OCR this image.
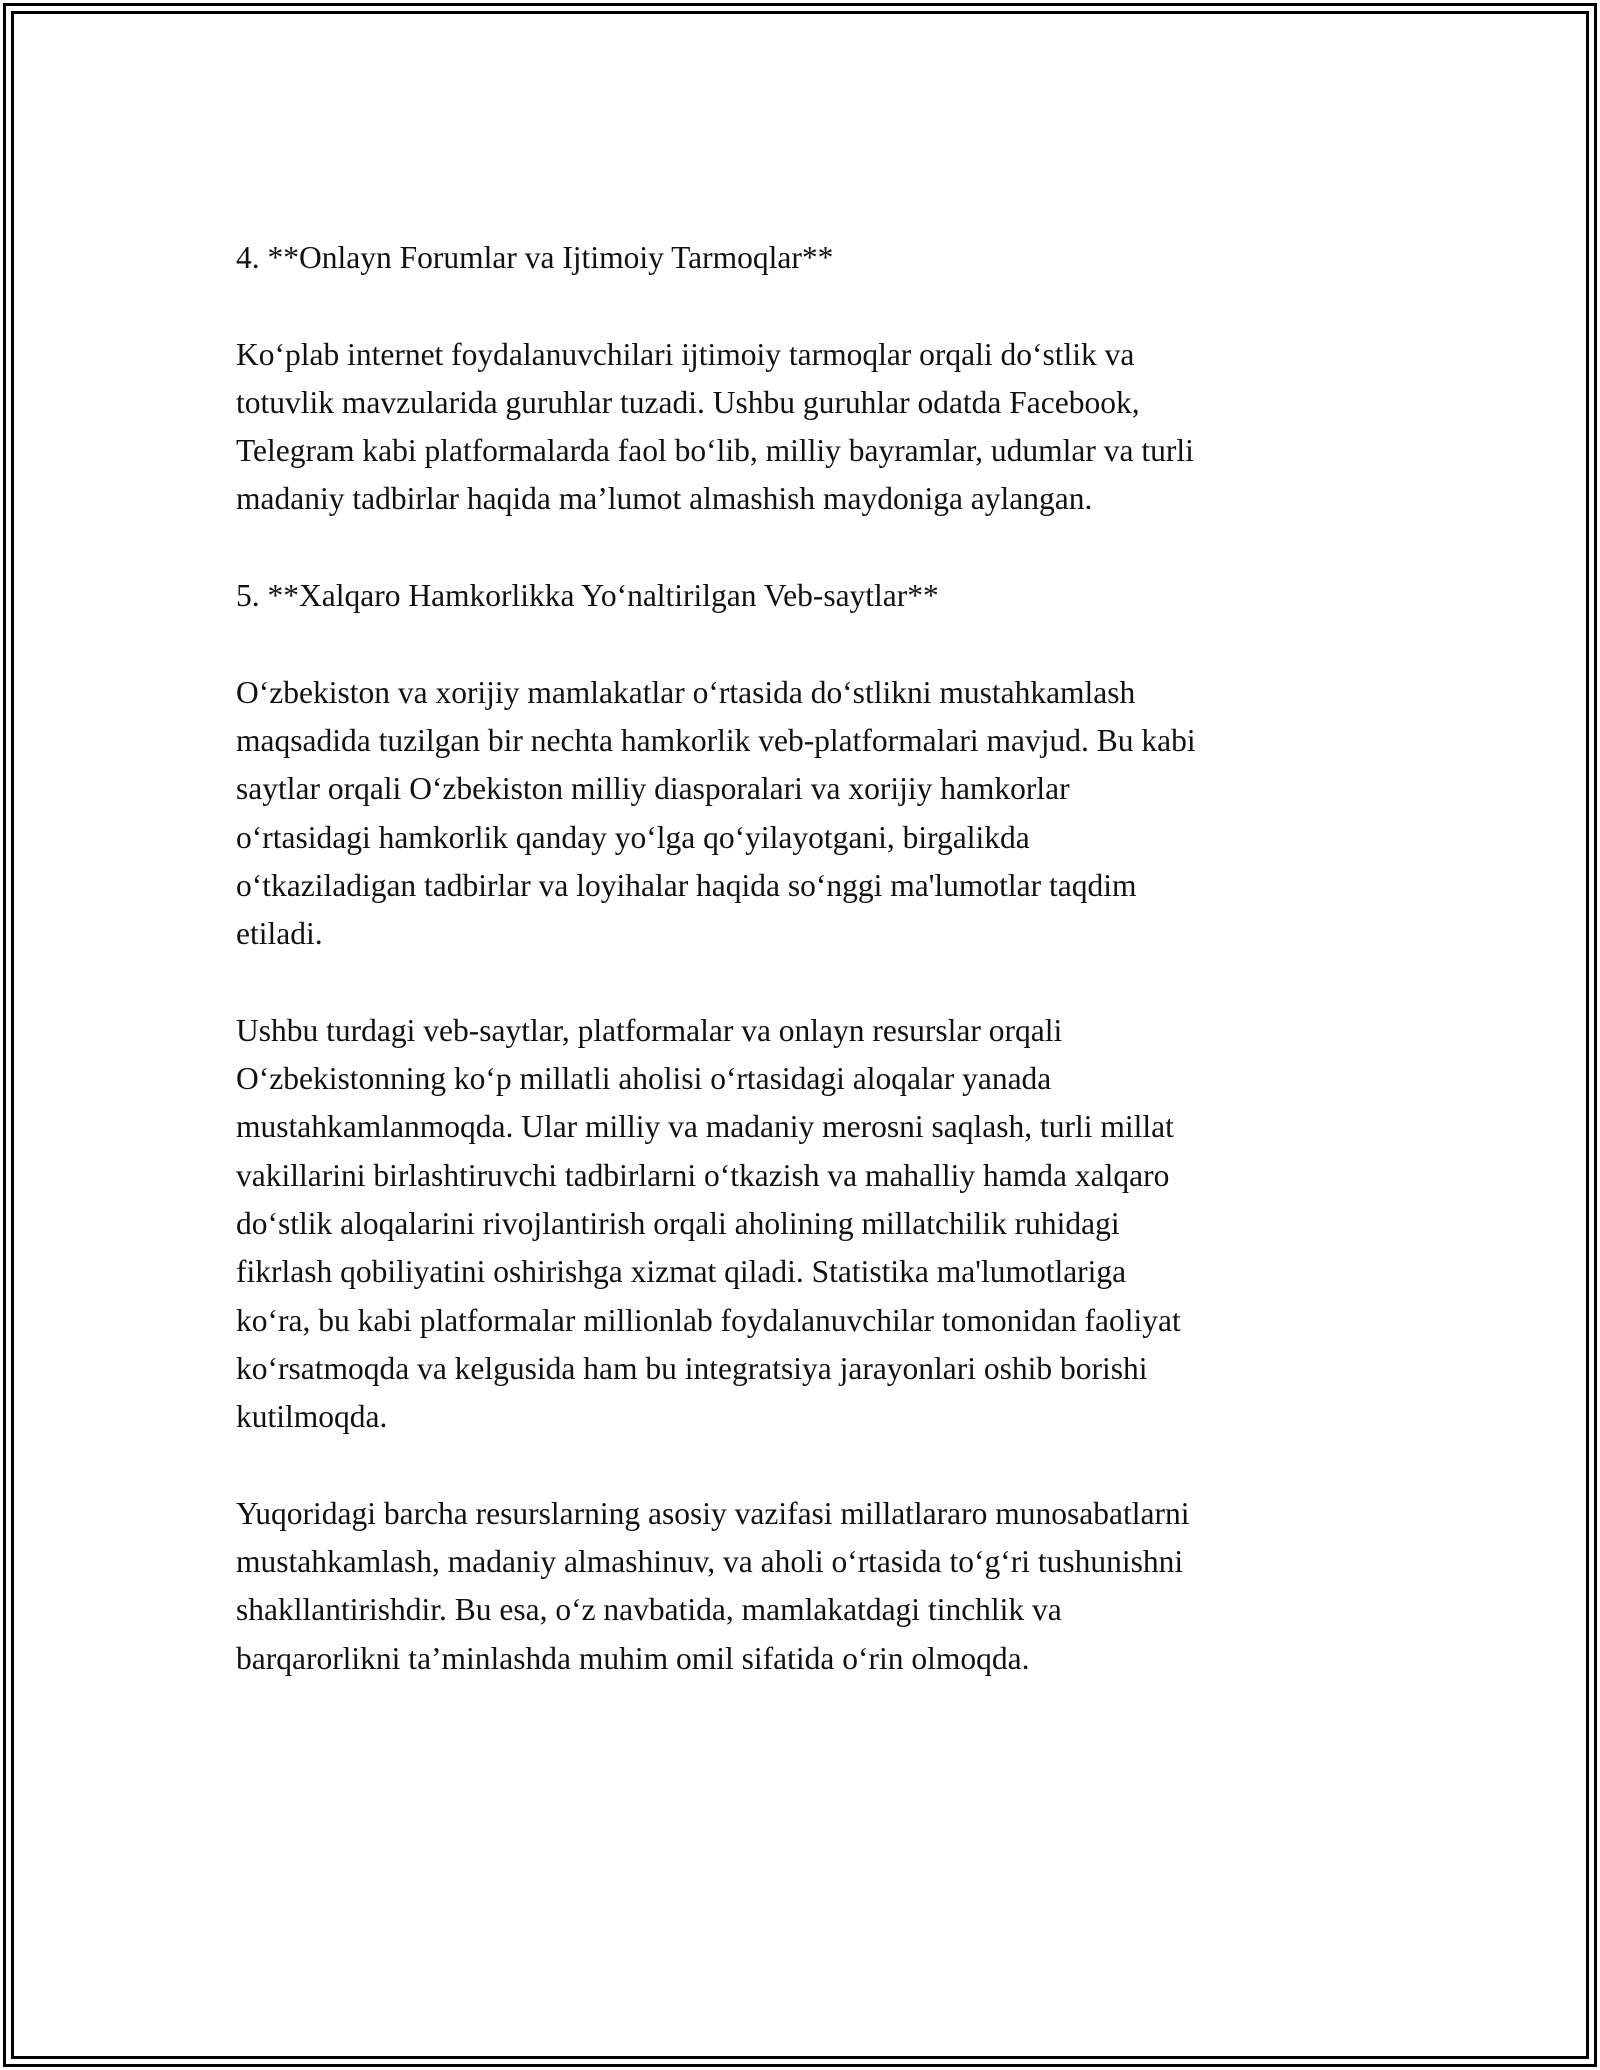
4. **Onlayn Forumlar va Ijtimoiy Tarmoqlar**

Ko‘plab internet foydalanuvchilari ijtimoiy tarmoqlar orqali do‘stlik va
totuvlik mavzularida guruhlar tuzadi. Ushbu guruhlar odatda Facebook,
Telegram kabi platformalarda faol bo‘lib, milliy bayramlar, udumlar va turli
madaniy tadbirlar haqida ma’lumot almashish maydoniga aylangan.

5. **Xalqaro Hamkorlikka Yo‘naltirilgan Veb-saytlar**

O‘zbekiston va xorijiy mamlakatlar o‘rtasida do‘stlikni mustahkamlash
maqsadida tuzilgan bir nechta hamkorlik veb-platformalari mavjud. Bu kabi
saytlar orqali O‘zbekiston milliy diasporalari va xorijiy hamkorlar
o‘rtasidagi hamkorlik qanday yo‘lga qo‘yilayotgani, birgalikda
o‘tkaziladigan tadbirlar va loyihalar haqida so‘nggi ma'lumotlar taqdim
etiladi.

Ushbu turdagi veb-saytlar, platformalar va onlayn resurslar orqali
O‘zbekistonning ko‘p millatli aholisi o‘rtasidagi aloqalar yanada
mustahkamlanmoqda. Ular milliy va madaniy merosni saqlash, turli millat
vakillarini birlashtiruvchi tadbirlarni o‘tkazish va mahalliy hamda xalqaro
do‘stlik aloqalarini rivojlantirish orqali aholining millatchilik ruhidagi
fikrlash qobiliyatini oshirishga xizmat qiladi. Statistika ma'lumotlariga
ko‘ra, bu kabi platformalar millionlab foydalanuvchilar tomonidan faoliyat
ko‘rsatmoqda va kelgusida ham bu integratsiya jarayonlari oshib borishi
kutilmoqda.

Yuqoridagi barcha resurslarning asosiy vazifasi millatlararo munosabatlarni
mustahkamlash, madaniy almashinuv, va aholi o‘rtasida to‘g‘ri tushunishni
shakllantirishdir. Bu esa, o‘z navbatida, mamlakatdagi tinchlik va
barqarorlikni ta’minlashda muhim omil sifatida o‘rin olmoqda.
